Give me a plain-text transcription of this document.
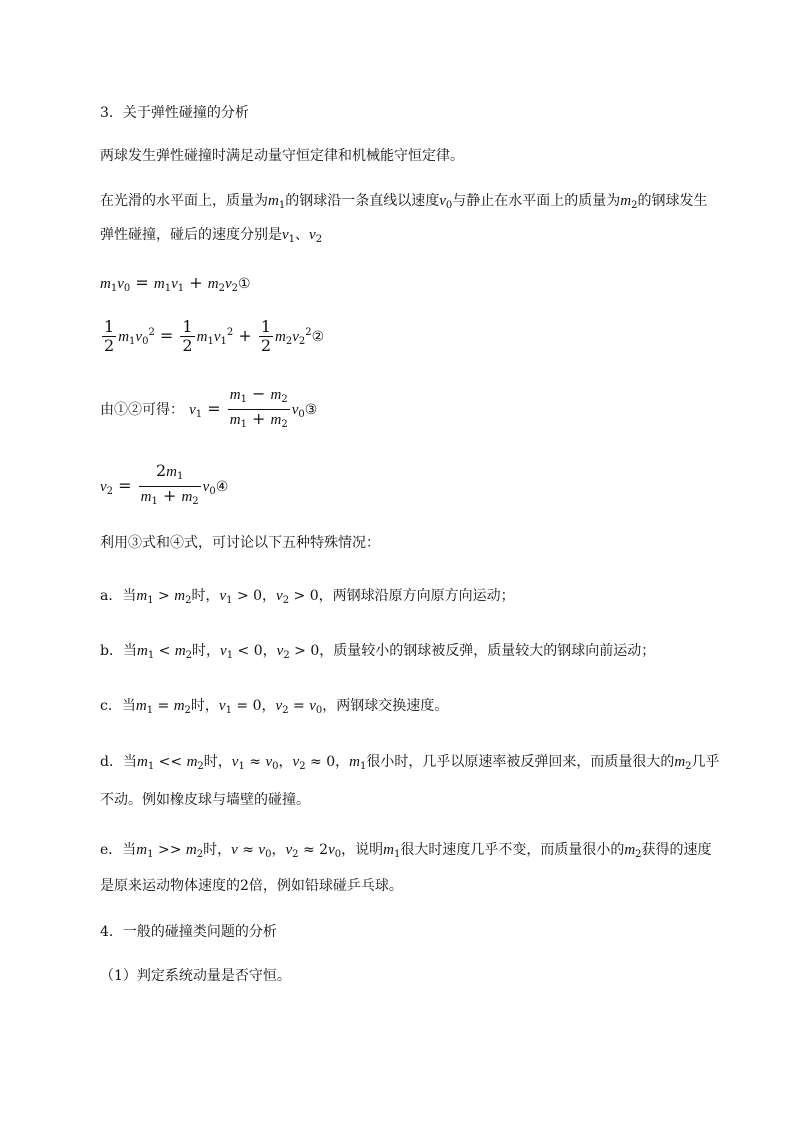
3．关于弹性碰撞的分析
两球发生弹性碰撞时满足动量守恒定律和机械能守恒定律。
在光滑的水平面上，质量为$m_1$的钢球沿一条直线以速度$v_0$与静止在水平面上的质量为$m_2$的钢球发生
弹性碰撞，碰后的速度分别是$v_1$、$v_2$
$m_1v_0 = m_1v_1$ + $m_2v_2①$
$\frac{1}{2} m_1v_0^2 = \frac{1}{2} m_1v_1^2 + \frac{1}{2}$ $m_2v_2^2②$
由①②可得： $v_1 = \frac{m_1 - m_2}{m_1 + m_2}$ $v_0③$
$v_2 = \frac{2m_1}{m_1 + m_2}$ $v_0④$
利用③式和④式，可讨论以下五种特殊情况：
a．当$m_1 > m_2$时，$v_1 > 0$，$v_2 > 0$，两钢球沿原方向原方向运动；
b．当$m_1 < m_2$时，$v_1 < 0$，$v_2 > 0$，质量较小的钢球被反弹，质量较大的钢球向前运动；
c．当$m_1 = m_2$时，$v_1 = 0$，$v_2 = v_0$，两钢球交换速度。
d．当$m_1 << m_2$时，$v_1 \approx v_0$，$v_2 \approx 0$，$m_1$很小时，几乎以原速率被反弹回来，而质量很大的$m_2$几乎
不动。例如橡皮球与墙壁的碰撞。
e．当$m_1 >> m_2$时，$v \approx v_0$，$v_2 \approx 2v_0$，说明$m_1$很大时速度几乎不变，而质量很小的$m_2$获得的速度
是原来运动物体速度的2倍，例如铅球碰乒乓球。
4．一般的碰撞类问题的分析
（1）判定系统动量是否守恒。
